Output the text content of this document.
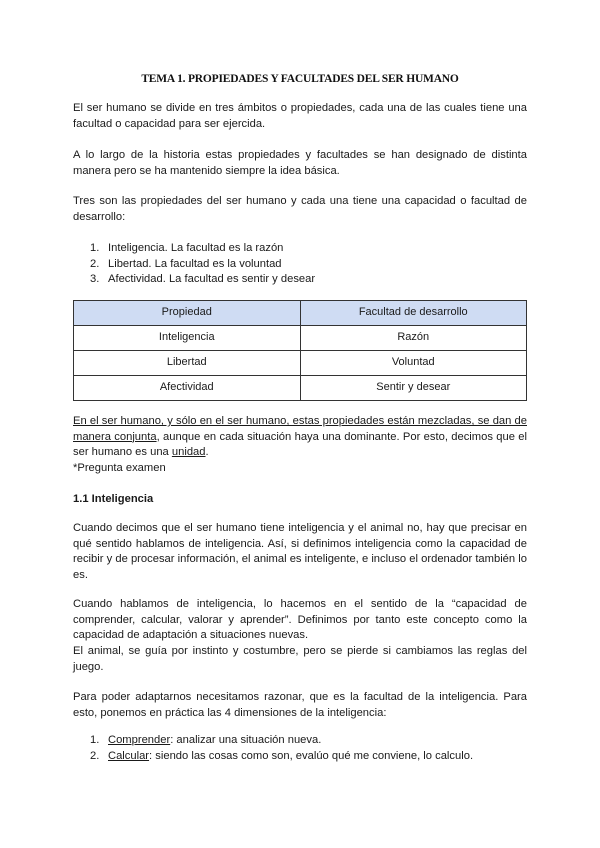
TEMA 1. PROPIEDADES Y FACULTADES DEL SER HUMANO

El ser humano se divide en tres ámbitos o propiedades, cada una de las cuales tiene una facultad o capacidad para ser ejercida.

A lo largo de la historia estas propiedades y facultades se han designado de distinta manera pero se ha mantenido siempre la idea básica.

Tres son las propiedades del ser humano y cada una tiene una capacidad o facultad de desarrollo:

1. Inteligencia. La facultad es la razón
2. Libertad. La facultad es la voluntad
3. Afectividad. La facultad es sentir y desear
Propiedad	Facultad de desarrollo
Inteligencia	Razón
Libertad	Voluntad
Afectividad	Sentir y desear

En el ser humano, y sólo en el ser humano, estas propiedades están mezcladas, se dan de manera conjunta, aunque en cada situación haya una dominante. Por esto, decimos que el ser humano es una unidad.

*Pregunta examen

1.1 Inteligencia

Cuando decimos que el ser humano tiene inteligencia y el animal no, hay que precisar en qué sentido hablamos de inteligencia. Así, si definimos inteligencia como la capacidad de recibir y de procesar información, el animal es inteligente, e incluso el ordenador también lo es.

Cuando hablamos de inteligencia, lo hacemos en el sentido de la “capacidad de comprender, calcular, valorar y aprender”. Definimos por tanto este concepto como la capacidad de adaptación a situaciones nuevas.

El animal, se guía por instinto y costumbre, pero se pierde si cambiamos las reglas del juego.

Para poder adaptarnos necesitamos razonar, que es la facultad de la inteligencia. Para esto, ponemos en práctica las 4 dimensiones de la inteligencia:

1. Comprender: analizar una situación nueva.
2. Calcular: siendo las cosas como son, evalúo qué me conviene, lo calculo.
